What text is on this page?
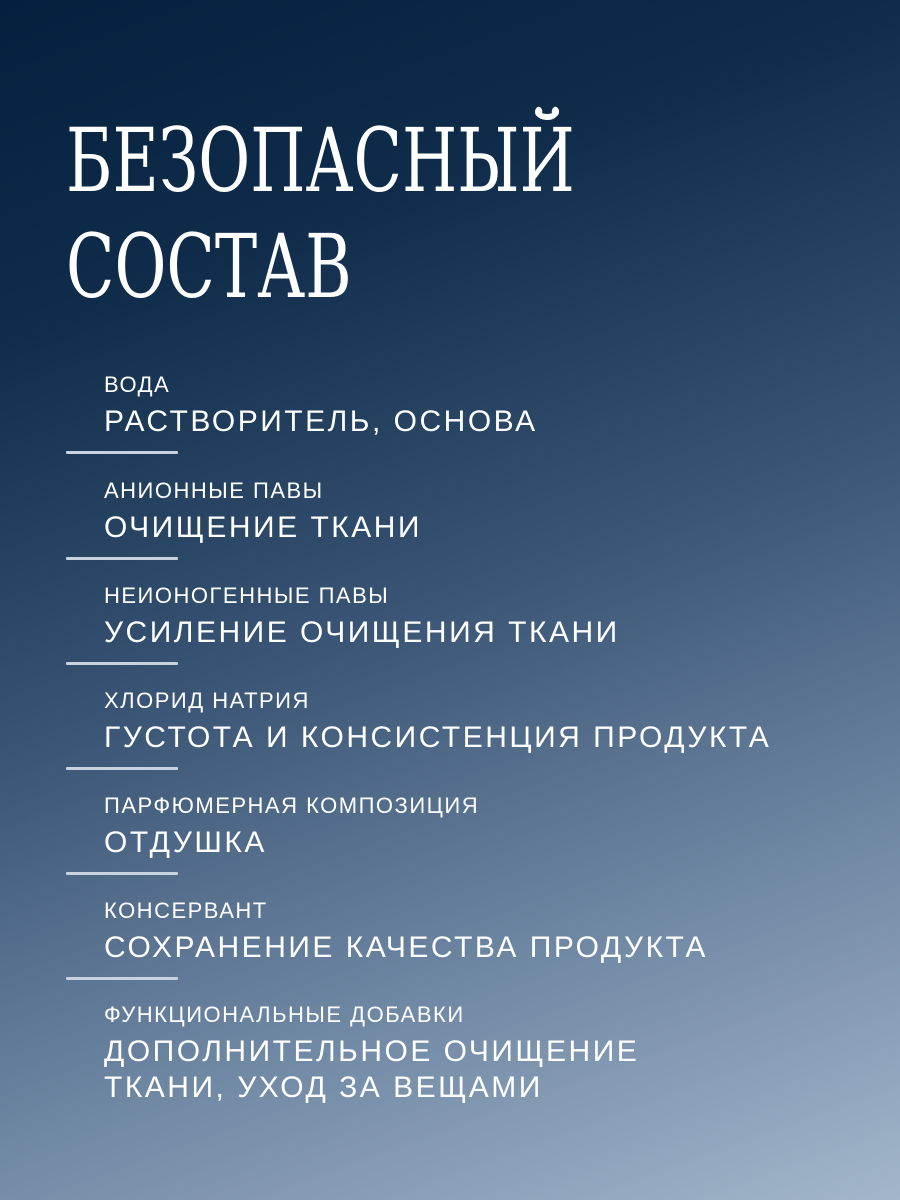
БЕЗОПАСНЫЙ
СОСТАВ
ВОДА
РАСТВОРИТЕЛЬ, ОСНОВА
АНИОННЫЕ ПАВЫ
ОЧИЩЕНИЕ ТКАНИ
НЕИОНОГЕННЫЕ ПАВЫ
УСИЛЕНИЕ ОЧИЩЕНИЯ ТКАНИ
ХЛОРИД НАТРИЯ
ГУСТОТА И КОНСИСТЕНЦИЯ ПРОДУКТА
ПАРФЮМЕРНАЯ КОМПОЗИЦИЯ
ОТДУШКА
КОНСЕРВАНТ
СОХРАНЕНИЕ КАЧЕСТВА ПРОДУКТА
ФУНКЦИОНАЛЬНЫЕ ДОБАВКИ
ДОПОЛНИТЕЛЬНОЕ ОЧИЩЕНИЕ
ТКАНИ, УХОД ЗА ВЕЩАМИ
